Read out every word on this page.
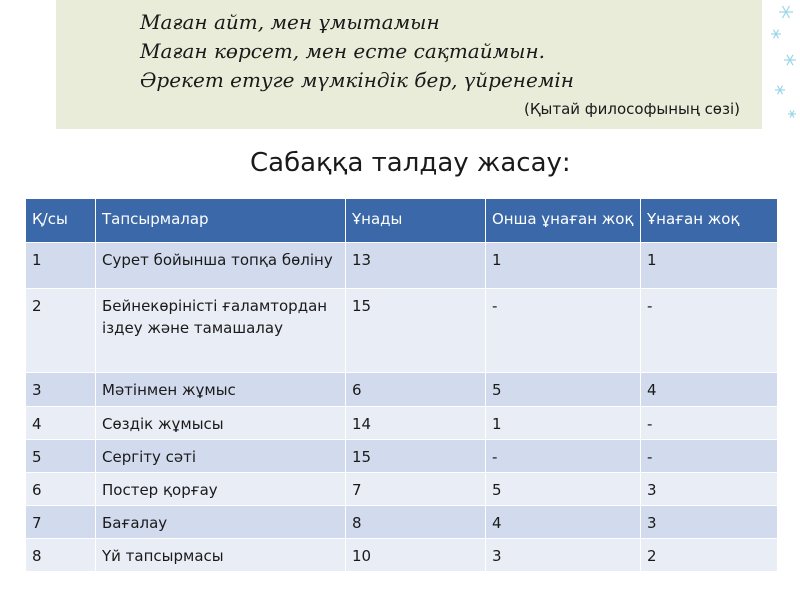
Маған айт, мен ұмытамын
Маған көрсет, мен есте сақтаймын.
Әрекет етуге мүмкіндік бер, үйренемін
(Қытай философының сөзі)
Сабаққа талдау жасау:
Қ/сы	Тапсырмалар	Ұнады	Онша ұнаған жоқ	Ұнаған жоқ
1	Сурет бойынша топқа бөліну	13	1	1
2	Бейнекөріністі ғаламтордан іздеу және тамашалау	15	-	-
3	Мәтінмен жұмыс	6	5	4
4	Сөздік жұмысы	14	1	-
5	Сергіту сәті	15	-	-
6	Постер қорғау	7	5	3
7	Бағалау	8	4	3
8	Үй тапсырмасы	10	3	2
